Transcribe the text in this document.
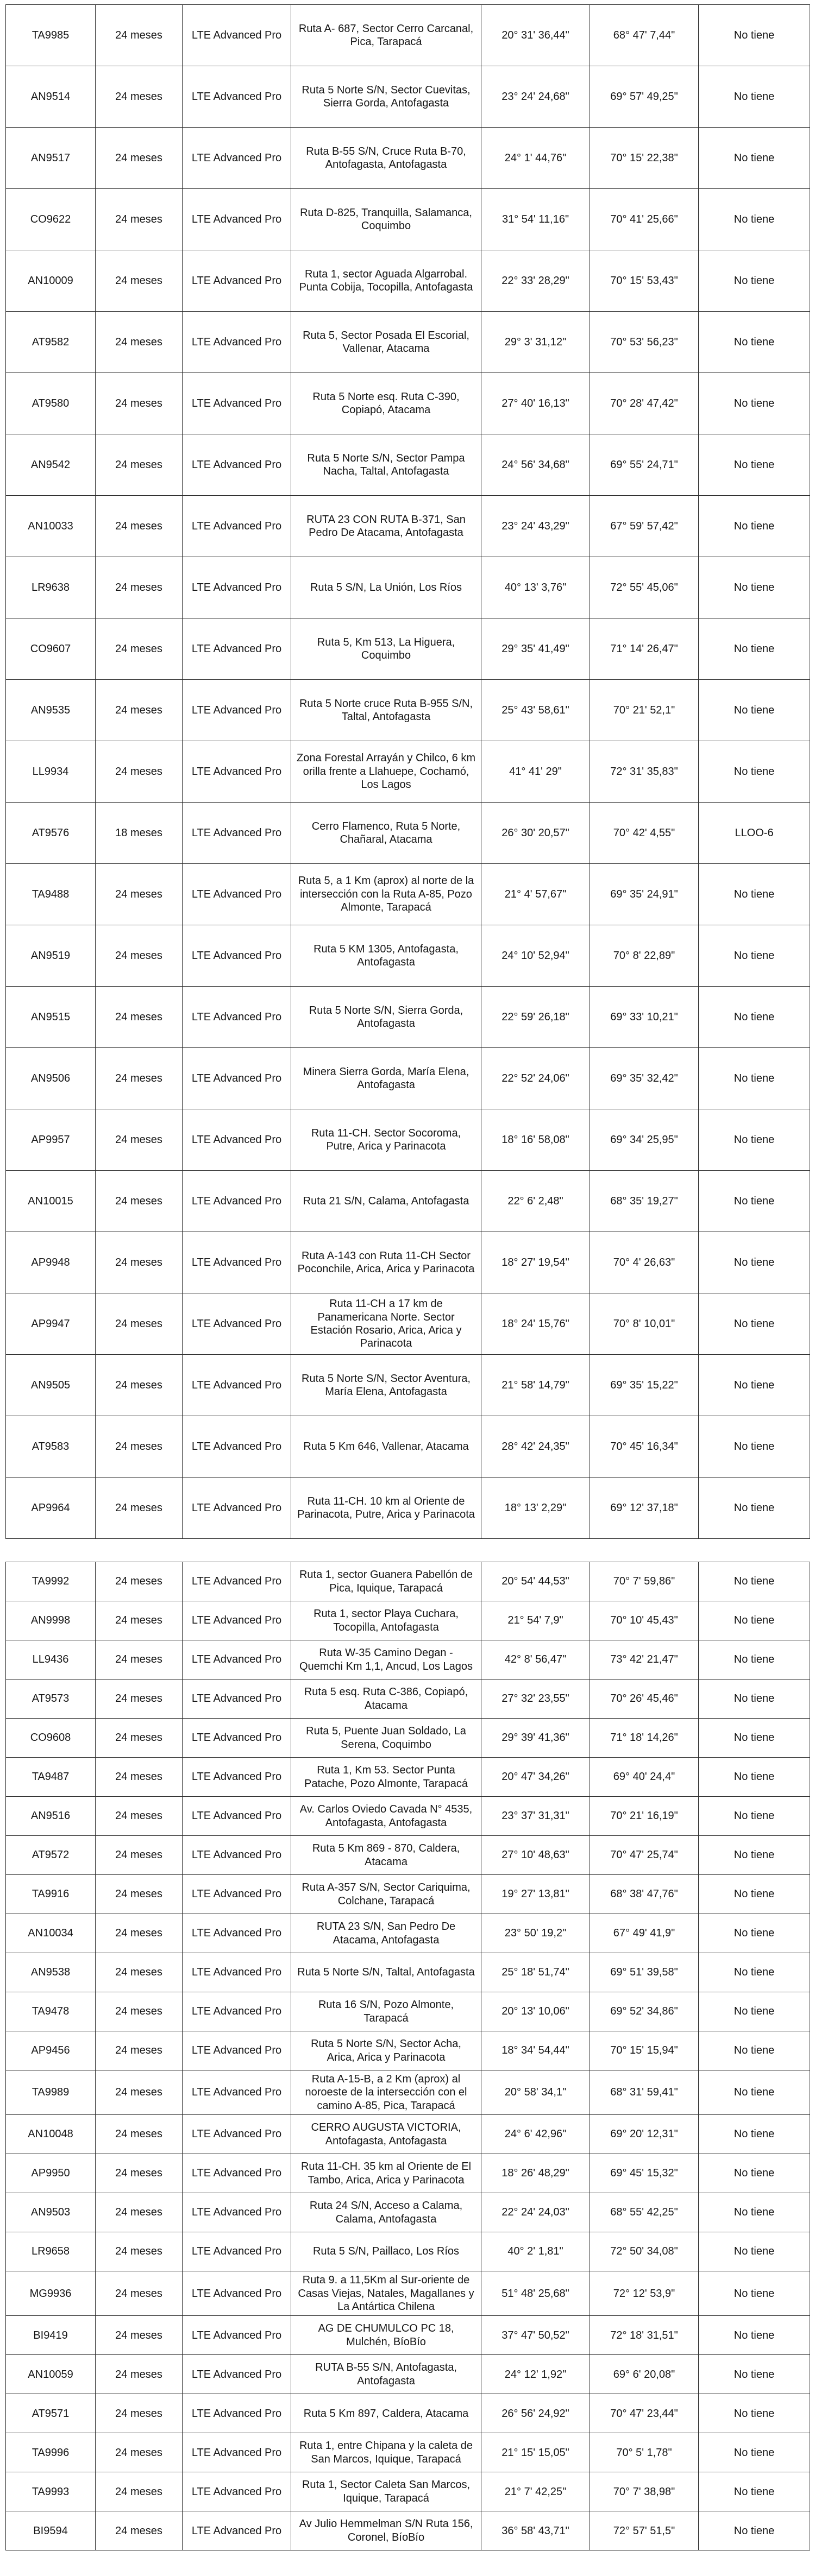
TA9985	24 meses	LTE Advanced Pro	Ruta A- 687, Sector Cerro Carcanal, Pica, Tarapacá	20° 31' 36,44"	68° 47' 7,44"	No tiene
AN9514	24 meses	LTE Advanced Pro	Ruta 5 Norte S/N, Sector Cuevitas, Sierra Gorda, Antofagasta	23° 24' 24,68"	69° 57' 49,25"	No tiene
AN9517	24 meses	LTE Advanced Pro	Ruta B-55 S/N, Cruce Ruta B-70, Antofagasta, Antofagasta	24° 1' 44,76"	70° 15' 22,38"	No tiene
CO9622	24 meses	LTE Advanced Pro	Ruta D-825, Tranquilla, Salamanca, Coquimbo	31° 54' 11,16"	70° 41' 25,66"	No tiene
AN10009	24 meses	LTE Advanced Pro	Ruta 1, sector Aguada Algarrobal. Punta Cobija, Tocopilla, Antofagasta	22° 33' 28,29"	70° 15' 53,43"	No tiene
AT9582	24 meses	LTE Advanced Pro	Ruta 5, Sector Posada El Escorial, Vallenar, Atacama	29° 3' 31,12"	70° 53' 56,23"	No tiene
AT9580	24 meses	LTE Advanced Pro	Ruta 5 Norte esq. Ruta C-390, Copiapó, Atacama	27° 40' 16,13"	70° 28' 47,42"	No tiene
AN9542	24 meses	LTE Advanced Pro	Ruta 5 Norte S/N, Sector Pampa Nacha, Taltal, Antofagasta	24° 56' 34,68"	69° 55' 24,71"	No tiene
AN10033	24 meses	LTE Advanced Pro	RUTA 23 CON RUTA B-371, San Pedro De Atacama, Antofagasta	23° 24' 43,29"	67° 59' 57,42"	No tiene
LR9638	24 meses	LTE Advanced Pro	Ruta 5 S/N, La Unión, Los Ríos	40° 13' 3,76"	72° 55' 45,06"	No tiene
CO9607	24 meses	LTE Advanced Pro	Ruta 5, Km 513, La Higuera, Coquimbo	29° 35' 41,49"	71° 14' 26,47"	No tiene
AN9535	24 meses	LTE Advanced Pro	Ruta 5 Norte cruce Ruta B-955 S/N, Taltal, Antofagasta	25° 43' 58,61"	70° 21' 52,1"	No tiene
LL9934	24 meses	LTE Advanced Pro	Zona Forestal Arrayán y Chilco, 6 km orilla frente a Llahuepe, Cochamó, Los Lagos	41° 41' 29"	72° 31' 35,83"	No tiene
AT9576	18 meses	LTE Advanced Pro	Cerro Flamenco, Ruta 5 Norte, Chañaral, Atacama	26° 30' 20,57"	70° 42' 4,55"	LLOO-6
TA9488	24 meses	LTE Advanced Pro	Ruta 5, a 1 Km (aprox) al norte de la intersección con la Ruta A-85, Pozo Almonte, Tarapacá	21° 4' 57,67"	69° 35' 24,91"	No tiene
AN9519	24 meses	LTE Advanced Pro	Ruta 5 KM 1305, Antofagasta, Antofagasta	24° 10' 52,94"	70° 8' 22,89"	No tiene
AN9515	24 meses	LTE Advanced Pro	Ruta 5 Norte S/N, Sierra Gorda, Antofagasta	22° 59' 26,18"	69° 33' 10,21"	No tiene
AN9506	24 meses	LTE Advanced Pro	Minera Sierra Gorda, María Elena, Antofagasta	22° 52' 24,06"	69° 35' 32,42"	No tiene
AP9957	24 meses	LTE Advanced Pro	Ruta 11-CH. Sector Socoroma, Putre, Arica y Parinacota	18° 16' 58,08"	69° 34' 25,95"	No tiene
AN10015	24 meses	LTE Advanced Pro	Ruta 21 S/N, Calama, Antofagasta	22° 6' 2,48"	68° 35' 19,27"	No tiene
AP9948	24 meses	LTE Advanced Pro	Ruta A-143 con Ruta 11-CH Sector Poconchile, Arica, Arica y Parinacota	18° 27' 19,54"	70° 4' 26,63"	No tiene
AP9947	24 meses	LTE Advanced Pro	Ruta 11-CH a 17 km de Panamericana Norte. Sector Estación Rosario, Arica, Arica y Parinacota	18° 24' 15,76"	70° 8' 10,01"	No tiene
AN9505	24 meses	LTE Advanced Pro	Ruta 5 Norte S/N, Sector Aventura, María Elena, Antofagasta	21° 58' 14,79"	69° 35' 15,22"	No tiene
AT9583	24 meses	LTE Advanced Pro	Ruta 5 Km 646, Vallenar, Atacama	28° 42' 24,35"	70° 45' 16,34"	No tiene
AP9964	24 meses	LTE Advanced Pro	Ruta 11-CH. 10 km al Oriente de Parinacota, Putre, Arica y Parinacota	18° 13' 2,29"	69° 12' 37,18"	No tiene
TA9992	24 meses	LTE Advanced Pro	Ruta 1, sector Guanera Pabellón de Pica, Iquique, Tarapacá	20° 54' 44,53"	70° 7' 59,86"	No tiene
AN9998	24 meses	LTE Advanced Pro	Ruta 1, sector Playa Cuchara, Tocopilla, Antofagasta	21° 54' 7,9"	70° 10' 45,43"	No tiene
LL9436	24 meses	LTE Advanced Pro	Ruta W-35 Camino Degan - Quemchi Km 1,1, Ancud, Los Lagos	42° 8' 56,47"	73° 42' 21,47"	No tiene
AT9573	24 meses	LTE Advanced Pro	Ruta 5 esq. Ruta C-386, Copiapó, Atacama	27° 32' 23,55"	70° 26' 45,46"	No tiene
CO9608	24 meses	LTE Advanced Pro	Ruta 5, Puente Juan Soldado, La Serena, Coquimbo	29° 39' 41,36"	71° 18' 14,26"	No tiene
TA9487	24 meses	LTE Advanced Pro	Ruta 1, Km 53. Sector Punta Patache, Pozo Almonte, Tarapacá	20° 47' 34,26"	69° 40' 24,4"	No tiene
AN9516	24 meses	LTE Advanced Pro	Av. Carlos Oviedo Cavada N° 4535, Antofagasta, Antofagasta	23° 37' 31,31"	70° 21' 16,19"	No tiene
AT9572	24 meses	LTE Advanced Pro	Ruta 5 Km 869 - 870, Caldera, Atacama	27° 10' 48,63"	70° 47' 25,74"	No tiene
TA9916	24 meses	LTE Advanced Pro	Ruta A-357 S/N, Sector Cariquima, Colchane, Tarapacá	19° 27' 13,81"	68° 38' 47,76"	No tiene
AN10034	24 meses	LTE Advanced Pro	RUTA 23 S/N, San Pedro De Atacama, Antofagasta	23° 50' 19,2"	67° 49' 41,9"	No tiene
AN9538	24 meses	LTE Advanced Pro	Ruta 5 Norte S/N, Taltal, Antofagasta	25° 18' 51,74"	69° 51' 39,58"	No tiene
TA9478	24 meses	LTE Advanced Pro	Ruta 16 S/N, Pozo Almonte, Tarapacá	20° 13' 10,06"	69° 52' 34,86"	No tiene
AP9456	24 meses	LTE Advanced Pro	Ruta 5 Norte S/N, Sector Acha, Arica, Arica y Parinacota	18° 34' 54,44"	70° 15' 15,94"	No tiene
TA9989	24 meses	LTE Advanced Pro	Ruta A-15-B, a 2 Km (aprox) al noroeste de la intersección con el camino A-85, Pica, Tarapacá	20° 58' 34,1"	68° 31' 59,41"	No tiene
AN10048	24 meses	LTE Advanced Pro	CERRO AUGUSTA VICTORIA, Antofagasta, Antofagasta	24° 6' 42,96"	69° 20' 12,31"	No tiene
AP9950	24 meses	LTE Advanced Pro	Ruta 11-CH. 35 km al Oriente de El Tambo, Arica, Arica y Parinacota	18° 26' 48,29"	69° 45' 15,32"	No tiene
AN9503	24 meses	LTE Advanced Pro	Ruta 24 S/N, Acceso a Calama, Calama, Antofagasta	22° 24' 24,03"	68° 55' 42,25"	No tiene
LR9658	24 meses	LTE Advanced Pro	Ruta 5 S/N, Paillaco, Los Ríos	40° 2' 1,81"	72° 50' 34,08"	No tiene
MG9936	24 meses	LTE Advanced Pro	Ruta 9. a 11,5Km al Sur-oriente de Casas Viejas, Natales, Magallanes y La Antártica Chilena	51° 48' 25,68"	72° 12' 53,9"	No tiene
BI9419	24 meses	LTE Advanced Pro	AG DE CHUMULCO PC 18, Mulchén, BíoBío	37° 47' 50,52"	72° 18' 31,51"	No tiene
AN10059	24 meses	LTE Advanced Pro	RUTA B-55 S/N, Antofagasta, Antofagasta	24° 12' 1,92"	69° 6' 20,08"	No tiene
AT9571	24 meses	LTE Advanced Pro	Ruta 5 Km 897, Caldera, Atacama	26° 56' 24,92"	70° 47' 23,44"	No tiene
TA9996	24 meses	LTE Advanced Pro	Ruta 1, entre Chipana y la caleta de San Marcos, Iquique, Tarapacá	21° 15' 15,05"	70° 5' 1,78"	No tiene
TA9993	24 meses	LTE Advanced Pro	Ruta 1, Sector Caleta San Marcos, Iquique, Tarapacá	21° 7' 42,25"	70° 7' 38,98"	No tiene
BI9594	24 meses	LTE Advanced Pro	Av Julio Hemmelman S/N Ruta 156, Coronel, BíoBío	36° 58' 43,71"	72° 57' 51,5"	No tiene
